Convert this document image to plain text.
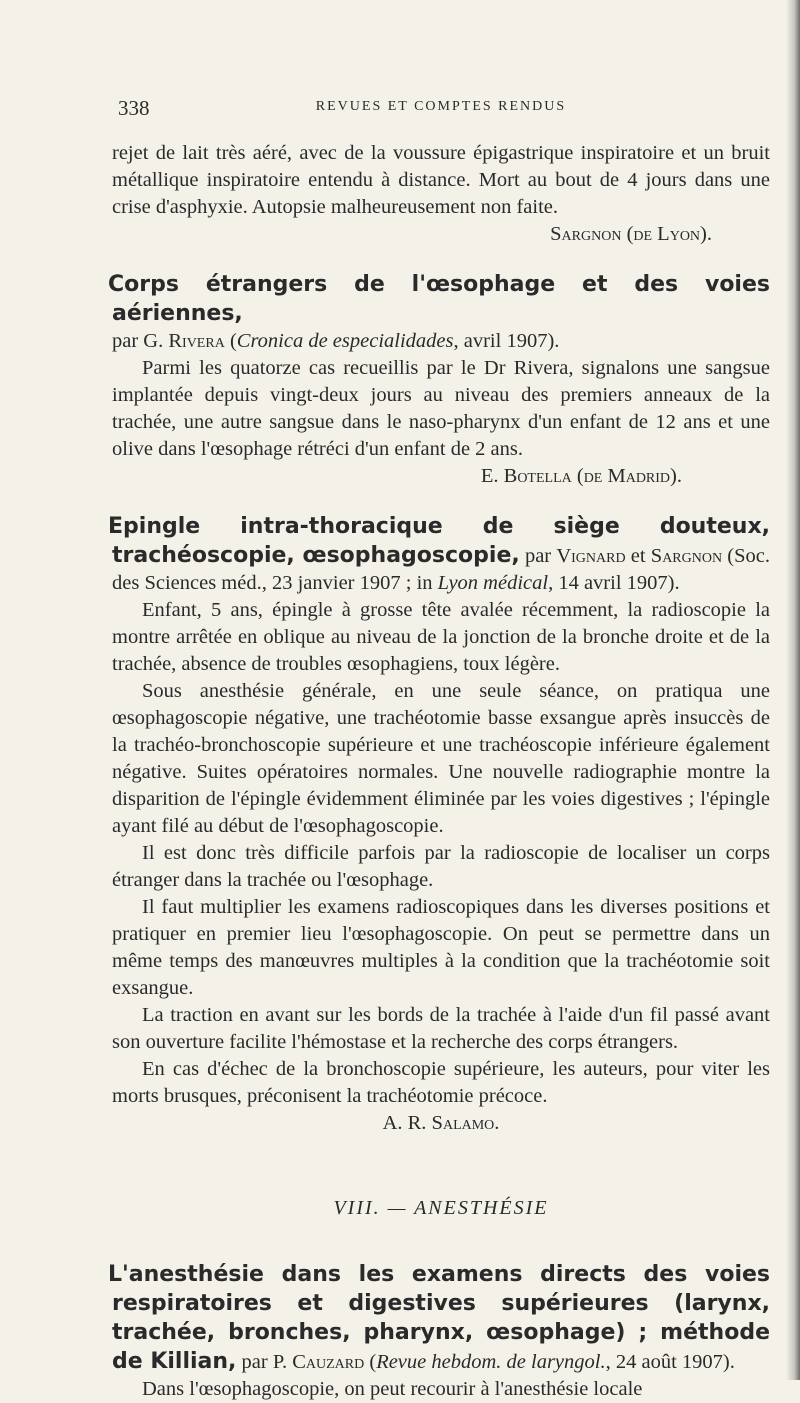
338	REVUES ET COMPTES RENDUS

rejet de lait très aéré, avec de la voussure épigastrique inspiratoire et un bruit métallique inspiratoire entendu à distance. Mort au bout de 4 jours dans une crise d'asphyxie. Autopsie malheureusement non faite.

Sargnon (de Lyon).

Corps étrangers de l'œsophage et des voies aériennes,
par G. Rivera (Cronica de especialidades, avril 1907).

Parmi les quatorze cas recueillis par le Dr Rivera, signalons une sangsue implantée depuis vingt-deux jours au niveau des premiers anneaux de la trachée, une autre sangsue dans le naso-pharynx d'un enfant de 12 ans et une olive dans l'œsophage rétréci d'un enfant de 2 ans.

E. Botella (de Madrid).

Epingle intra-thoracique de siège douteux, trachéoscopie, œsophagoscopie, par Vignard et Sargnon (Soc. des Sciences méd., 23 janvier 1907 ; in Lyon médical, 14 avril 1907).

Enfant, 5 ans, épingle à grosse tête avalée récemment, la radioscopie la montre arrêtée en oblique au niveau de la jonction de la bronche droite et de la trachée, absence de troubles œsophagiens, toux légère.

Sous anesthésie générale, en une seule séance, on pratiqua une œsophagoscopie négative, une trachéotomie basse exsangue après insuccès de la trachéo-bronchoscopie supérieure et une trachéoscopie inférieure également négative. Suites opératoires normales. Une nouvelle radiographie montre la disparition de l'épingle évidemment éliminée par les voies digestives ; l'épingle ayant filé au début de l'œsophagoscopie.

Il est donc très difficile parfois par la radioscopie de localiser un corps étranger dans la trachée ou l'œsophage.

Il faut multiplier les examens radioscopiques dans les diverses positions et pratiquer en premier lieu l'œsophagoscopie. On peut se permettre dans un même temps des manœuvres multiples à la condition que la trachéotomie soit exsangue.

La traction en avant sur les bords de la trachée à l'aide d'un fil passé avant son ouverture facilite l'hémostase et la recherche des corps étrangers.

En cas d'échec de la bronchoscopie supérieure, les auteurs, pour viter les morts brusques, préconisent la trachéotomie précoce.

A. R. Salamo.

VIII. — ANESTHÉSIE
L'anesthésie dans les examens directs des voies respiratoires et digestives supérieures (larynx, trachée, bronches, pharynx, œsophage) ; méthode de Killian, par P. Cauzard (Revue hebdom. de laryngol., 24 août 1907).

Dans l'œsophagoscopie, on peut recourir à l'anesthésie locale
